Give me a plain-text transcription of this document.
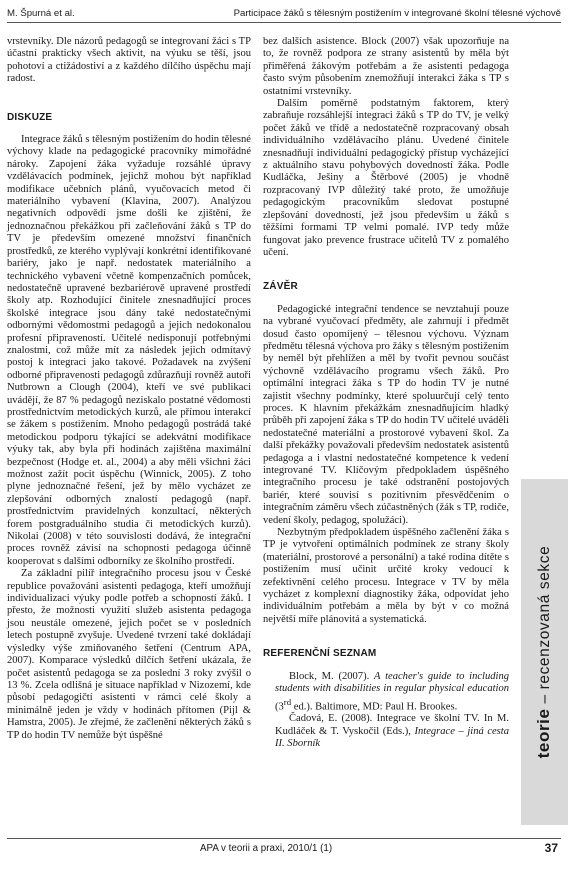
M. Špurná et al.	Participace žáků s tělesným postižením v integrované školní tělesné výchově

vrstevníky. Dle názorů pedagogů se integrovaní žáci s TP účastní prakticky všech aktivit, na výuku se těší, jsou pohotoví a ctižádostiví a z každého dílčího úspěchu mají radost.

DISKUZE

Integrace žáků s tělesným postižením do hodin tělesné výchovy klade na pedagogické pracovníky mimořádné nároky. Zapojení žáka vyžaduje rozsáhlé úpravy vzdělávacích podmínek, jejichž mohou být například modifikace učebních plánů, vyučovacích metod či materiálního vybavení (Klavina, 2007). Analýzou negativních odpovědí jsme došli ke zjištění, že jednoznačnou překážkou při začleňování žáků s TP do TV je především omezené množství finančních prostředků, ze kterého vyplývají konkrétní identifikované bariéry, jako je např. nedostatek materiálního a technického vybavení včetně kompenzačních pomůcek, nedostatečně upravené bezbariérově upravené prostředí školy atp. Rozhodující činitele znesnadňující proces školské integrace jsou dány také nedostatečnými odbornými vědomostmi pedagogů a jejich nedokonalou profesní připraveností. Učitelé nedisponují potřebnými znalostmi, což může mít za následek jejich odmítavý postoj k integraci jako takové. Požadavek na zvýšení odborné připravenosti pedagogů zdůrazňují rovněž autoři Nutbrown a Clough (2004), kteří ve své publikaci uvádějí, že 87 % pedagogů neziskalo postatné vědomosti prostřednictvím metodických kurzů, ale přímou interakcí se žákem s postižením. Mnoho pedagogů postrádá také metodickou podporu týkající se adekvátní modifikace výuky tak, aby byla při hodinách zajištěna maximální bezpečnost (Hodge et. al., 2004) a aby měli všichni žáci možnost zažít pocit úspěchu (Winnick, 2005). Z toho plyne jednoznačné řešení, jež by mělo vycházet ze zlepšování odborných znalostí pedagogů (např. prostřednictvím pravidelných konzultací, některých forem postgraduálního studia či metodických kurzů). Nikolai (2008) v této souvislosti dodává, že integrační proces rovněž závisí na schopnosti pedagoga účinně kooperovat s dalšími odborníky ze školního prostředí.

Za základní pilíř integračního procesu jsou v České republice považováni asistenti pedagoga, kteří umožňují individualizaci výuky podle potřeb a schopností žáků. I přesto, že možnosti využití služeb asistenta pedagoga jsou neustále omezené, jejich počet se v posledních letech postupně zvyšuje. Uvedené tvrzení také dokládají výsledky výše zmiňovaného šetření (Centrum APA, 2007). Komparace výsledků dílčích šetření ukázala, že počet asistentů pedagoga se za poslední 3 roky zvýšil o 13 %. Zcela odlišná je situace například v Nizozemí, kde působí pedagogičtí asistenti v rámci celé školy a minimálně jeden je vždy v hodinách přítomen (Pijl & Hamstra, 2005). Je zřejmé, že začlenění některých žáků s TP do hodin TV nemůže být úspěšné

bez dalších asistence. Block (2007) však upozorňuje na to, že rovněž podpora ze strany asistentů by měla být přiměřená žákovým potřebám a že asistenti pedagoga často svým působením znemožňují interakci žáka s TP s ostatními vrstevníky.

Dalším poměrně podstatným faktorem, který zabraňuje rozsáhlejší integraci žáků s TP do TV, je velký počet žáků ve třídě a nedostatečně rozpracovaný obsah individuálního vzdělávacího plánu. Uvedené činitele znesnadňují individuální pedagogický přístup vycházející z aktuálního stavu pohybových dovedností žáka. Podle Kudláčka, Ješiny a Štěrbové (2005) je vhodně rozpracovaný IVP důležitý také proto, že umožňuje pedagogickým pracovníkům sledovat postupné zlepšování dovedností, jež jsou především u žáků s těžšími formami TP velmi pomalé. IVP tedy může fungovat jako prevence frustrace učitelů TV z pomalého učení.

ZÁVĚR

Pedagogické integrační tendence se nevztahují pouze na vybrané vyučovací předměty, ale zahrnují i předmět dosud často opomíjený – tělesnou výchovu. Význam předmětu tělesná výchova pro žáky s tělesným postižením by neměl být přehlížen a měl by tvořit pevnou součást výchovně vzdělávacího programu všech žáků. Pro optimální integraci žáka s TP do hodin TV je nutné zajistit všechny podmínky, které spoluurčují celý tento proces. K hlavním překážkám znesnadňujícím hladký průběh při zapojení žáka s TP do hodin TV učitelé uváděli nedostatečné materiální a prostorové vybavení škol. Za další překážky považovali především nedostatek asistentů pedagoga a i vlastní nedostatečné kompetence k vedení integrované TV. Klíčovým předpokladem úspěšného integračního procesu je také odstranění postojových bariér, které souvisí s pozitivním přesvědčením o integračním záměru všech zúčastněných (žák s TP, rodiče, vedení školy, pedagog, spolužáci).

Nezbytným předpokladem úspěšného začlenění žáka s TP je vytvoření optimálních podmínek ze strany školy (materiální, prostorové a personální) a také rodina dítěte s postižením musí učinit určité kroky vedoucí k zefektivnění celého procesu. Integrace v TV by měla vycházet z komplexní diagnostiky žáka, odpovídat jeho individuálním potřebám a měla by být v co možná největší míře plánovitá a systematická.

REFERENČNÍ SEZNAM

Block, M. (2007). A teacher's guide to including students with disabilities in regular physical education (3rd ed.). Baltimore, MD: Paul H. Brookes.

Čadová, E. (2008). Integrace ve školní TV. In M. Kudláček & T. Vyskočil (Eds.), Integrace – jiná cesta II. Sborník	teorie – recenzovaná sekce
APA v teorii a praxi, 2010/1 (1)	37
